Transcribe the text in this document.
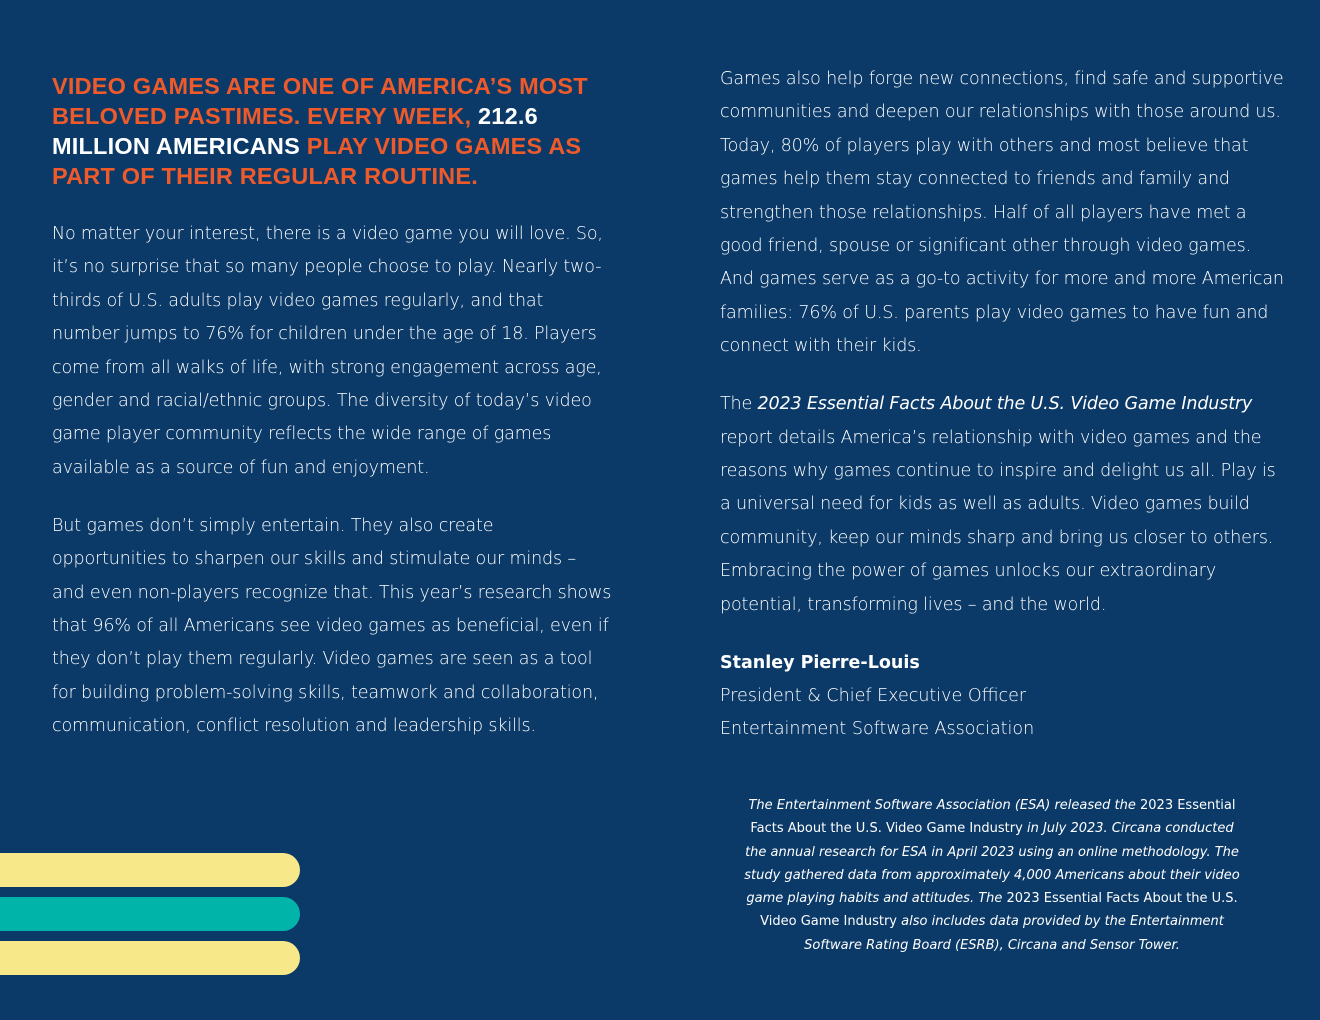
VIDEO GAMES ARE ONE OF AMERICA’S MOST BELOVED PASTIMES. EVERY WEEK, 212.6 MILLION AMERICANS PLAY VIDEO GAMES AS PART OF THEIR REGULAR ROUTINE.

No matter your interest, there is a video game you will love. So, it’s no surprise that so many people choose to play. Nearly two-thirds of U.S. adults play video games regularly, and that number jumps to 76% for children under the age of 18. Players come from all walks of life, with strong engagement across age, gender and racial/ethnic groups. The diversity of today’s video game player community reflects the wide range of games available as a source of fun and enjoyment.

But games don’t simply entertain. They also create opportunities to sharpen our skills and stimulate our minds – and even non-players recognize that. This year’s research shows that 96% of all Americans see video games as beneficial, even if they don’t play them regularly. Video games are seen as a tool for building problem-solving skills, teamwork and collaboration, communication, conflict resolution and leadership skills.

Games also help forge new connections, find safe and supportive communities and deepen our relationships with those around us. Today, 80% of players play with others and most believe that games help them stay connected to friends and family and strengthen those relationships. Half of all players have met a good friend, spouse or significant other through video games. And games serve as a go-to activity for more and more American families: 76% of U.S. parents play video games to have fun and connect with their kids.

The 2023 Essential Facts About the U.S. Video Game Industry report details America’s relationship with video games and the reasons why games continue to inspire and delight us all. Play is a universal need for kids as well as adults. Video games build community, keep our minds sharp and bring us closer to others. Embracing the power of games unlocks our extraordinary potential, transforming lives – and the world.

Stanley Pierre-Louis

President & Chief Executive Officer

Entertainment Software Association

The Entertainment Software Association (ESA) released the 2023 Essential Facts About the U.S. Video Game Industry in July 2023. Circana conducted the annual research for ESA in April 2023 using an online methodology. The study gathered data from approximately 4,000 Americans about their video game playing habits and attitudes. The 2023 Essential Facts About the U.S. Video Game Industry also includes data provided by the Entertainment Software Rating Board (ESRB), Circana and Sensor Tower.
